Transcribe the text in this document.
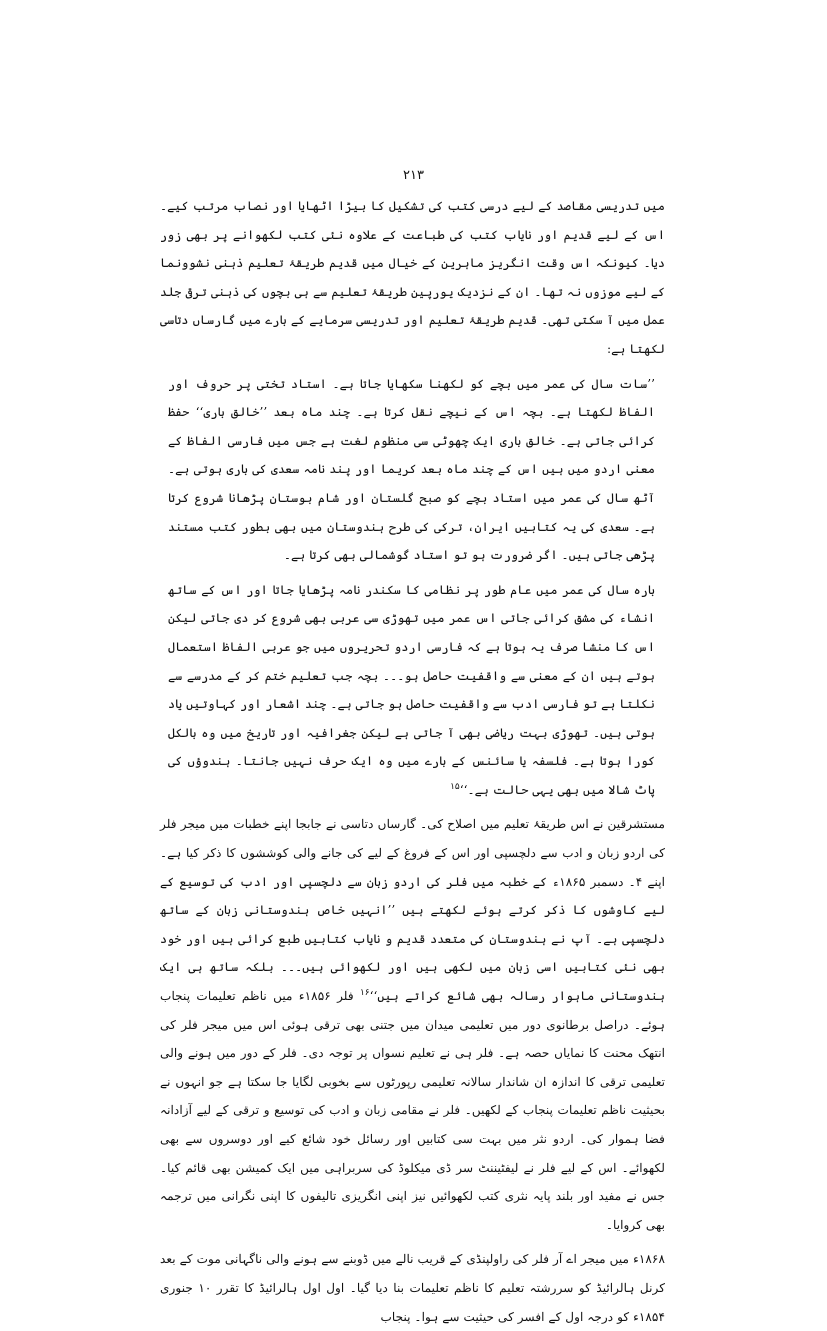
۲۱۳

میں تدریسی مقاصد کے لیے درسی کتب کی تشکیل کا بیڑا اٹھایا اور نصاب مرتب کیے۔ اس کے لیے قدیم اور نایاب کتب کی طباعت کے علاوہ نئی کتب لکھوانے پر بھی زور دیا۔ کیونکہ اس وقت انگریز ماہرین کے خیال میں قدیم طریقۂ تعلیم ذہنی نشوونما کے لیے موزوں نہ تھا۔ ان کے نزدیک یورپین طریقۂ تعلیم سے ہی بچوں کی ذہنی ترقی جلد عمل میں آ سکتی تھی۔ قدیم طریقۂ تعلیم اور تدریسی سرمایے کے بارے میں گارساں دتاسی لکھتا ہے:

’’سات سال کی عمر میں بچے کو لکھنا سکھایا جاتا ہے۔ استاد تختی پر حروف اور الفاظ لکھتا ہے۔ بچہ اس کے نیچے نقل کرتا ہے۔ چند ماہ بعد ’’خالق باری‘‘ حفظ کرائی جاتی ہے۔ خالق باری ایک چھوٹی سی منظوم لغت ہے جس میں فارسی الفاظ کے معنی اردو میں ہیں اس کے چند ماہ بعد کریما اور پند نامہ سعدی کی باری ہوتی ہے۔ آٹھ سال کی عمر میں استاد بچے کو صبح گلستان اور شام بوستان پڑھانا شروع کرتا ہے۔ سعدی کی یہ کتابیں ایران، ترکی کی طرح ہندوستان میں بھی بطور کتب مستند پڑھی جاتی ہیں۔ اگر ضرورت ہو تو استاد گوشمالی بھی کرتا ہے۔

بارہ سال کی عمر میں عام طور پر نظامی کا سکندر نامہ پڑھایا جاتا اور اس کے ساتھ انشاء کی مشق کرائی جاتی اس عمر میں تھوڑی سی عربی بھی شروع کر دی جاتی لیکن اس کا منشا صرف یہ ہوتا ہے کہ فارسی اردو تحریروں میں جو عربی الفاظ استعمال ہوتے ہیں ان کے معنی سے واقفیت حاصل ہو۔۔۔ بچہ جب تعلیم ختم کر کے مدرسے سے نکلتا ہے تو فارسی ادب سے واقفیت حاصل ہو جاتی ہے۔ چند اشعار اور کہاوتیں یاد ہوتی ہیں۔ تھوڑی بہت ریاضی بھی آ جاتی ہے لیکن جغرافیہ اور تاریخ میں وہ بالکل کورا ہوتا ہے۔ فلسفہ یا سائنس کے بارے میں وہ ایک حرف نہیں جانتا۔ ہندوؤں کی پاٹ شالا میں بھی یہی حالت ہے۔‘‘$^{۱۵}$

مستشرقین نے اس طریقۂ تعلیم میں اصلاح کی۔ گارساں دتاسی نے جابجا اپنے خطبات میں میجر فلر کی اردو زبان و ادب سے دلچسپی اور اس کے فروغ کے لیے کی جانے والی کوششوں کا ذکر کیا ہے۔ اپنے ۴۔ دسمبر ۱۸۶۵ء کے خطبہ میں فلر کی اردو زبان سے دلچسپی اور ادب کی توسیع کے لیے کاوشوں کا ذکر کرتے ہوئے لکھتے ہیں ’’انہیں خاص ہندوستانی زبان کے ساتھ دلچسپی ہے۔ آپ نے ہندوستان کی متعدد قدیم و نایاب کتابیں طبع کرائی ہیں اور خود بھی نئی کتابیں اسی زبان میں لکھی ہیں اور لکھوائی ہیں۔۔۔ بلکہ ساتھ ہی ایک ہندوستانی ماہوار رسالہ بھی شائع کراتے ہیں‘‘$^{۱۶}$ فلر ۱۸۵۶ء میں ناظم تعلیمات پنجاب ہوئے۔ دراصل برطانوی دور میں تعلیمی میدان میں جتنی بھی ترقی ہوئی اس میں میجر فلر کی انتھک محنت کا نمایاں حصہ ہے۔ فلر ہی نے تعلیم نسواں پر توجہ دی۔ فلر کے دور میں ہونے والی تعلیمی ترقی کا اندازہ ان شاندار سالانہ تعلیمی رپورٹوں سے بخوبی لگایا جا سکتا ہے جو انہوں نے بحیثیت ناظم تعلیمات پنجاب کے لکھیں۔ فلر نے مقامی زبان و ادب کی توسیع و ترقی کے لیے آزادانہ فضا ہموار کی۔ اردو نثر میں بہت سی کتابیں اور رسائل خود شائع کیے اور دوسروں سے بھی لکھوائے۔ اس کے لیے فلر نے لیفٹیننٹ سر ڈی میکلوڈ کی سربراہی میں ایک کمیشن بھی قائم کیا۔ جس نے مفید اور بلند پایہ نثری کتب لکھوائیں نیز اپنی انگریزی تالیفوں کا اپنی نگرانی میں ترجمہ بھی کروایا۔

۱۸۶۸ء میں میجر اے آر فلر کی راولپنڈی کے قریب نالے میں ڈوبنے سے ہونے والی ناگہانی موت کے بعد کرنل ہالرائیڈ کو سررشتہ تعلیم کا ناظم تعلیمات بنا دیا گیا۔ اول اول ہالرائیڈ کا تقرر ۱۰ جنوری ۱۸۵۴ء کو درجہ اول کے افسر کی حیثیت سے ہوا۔ پنجاب
